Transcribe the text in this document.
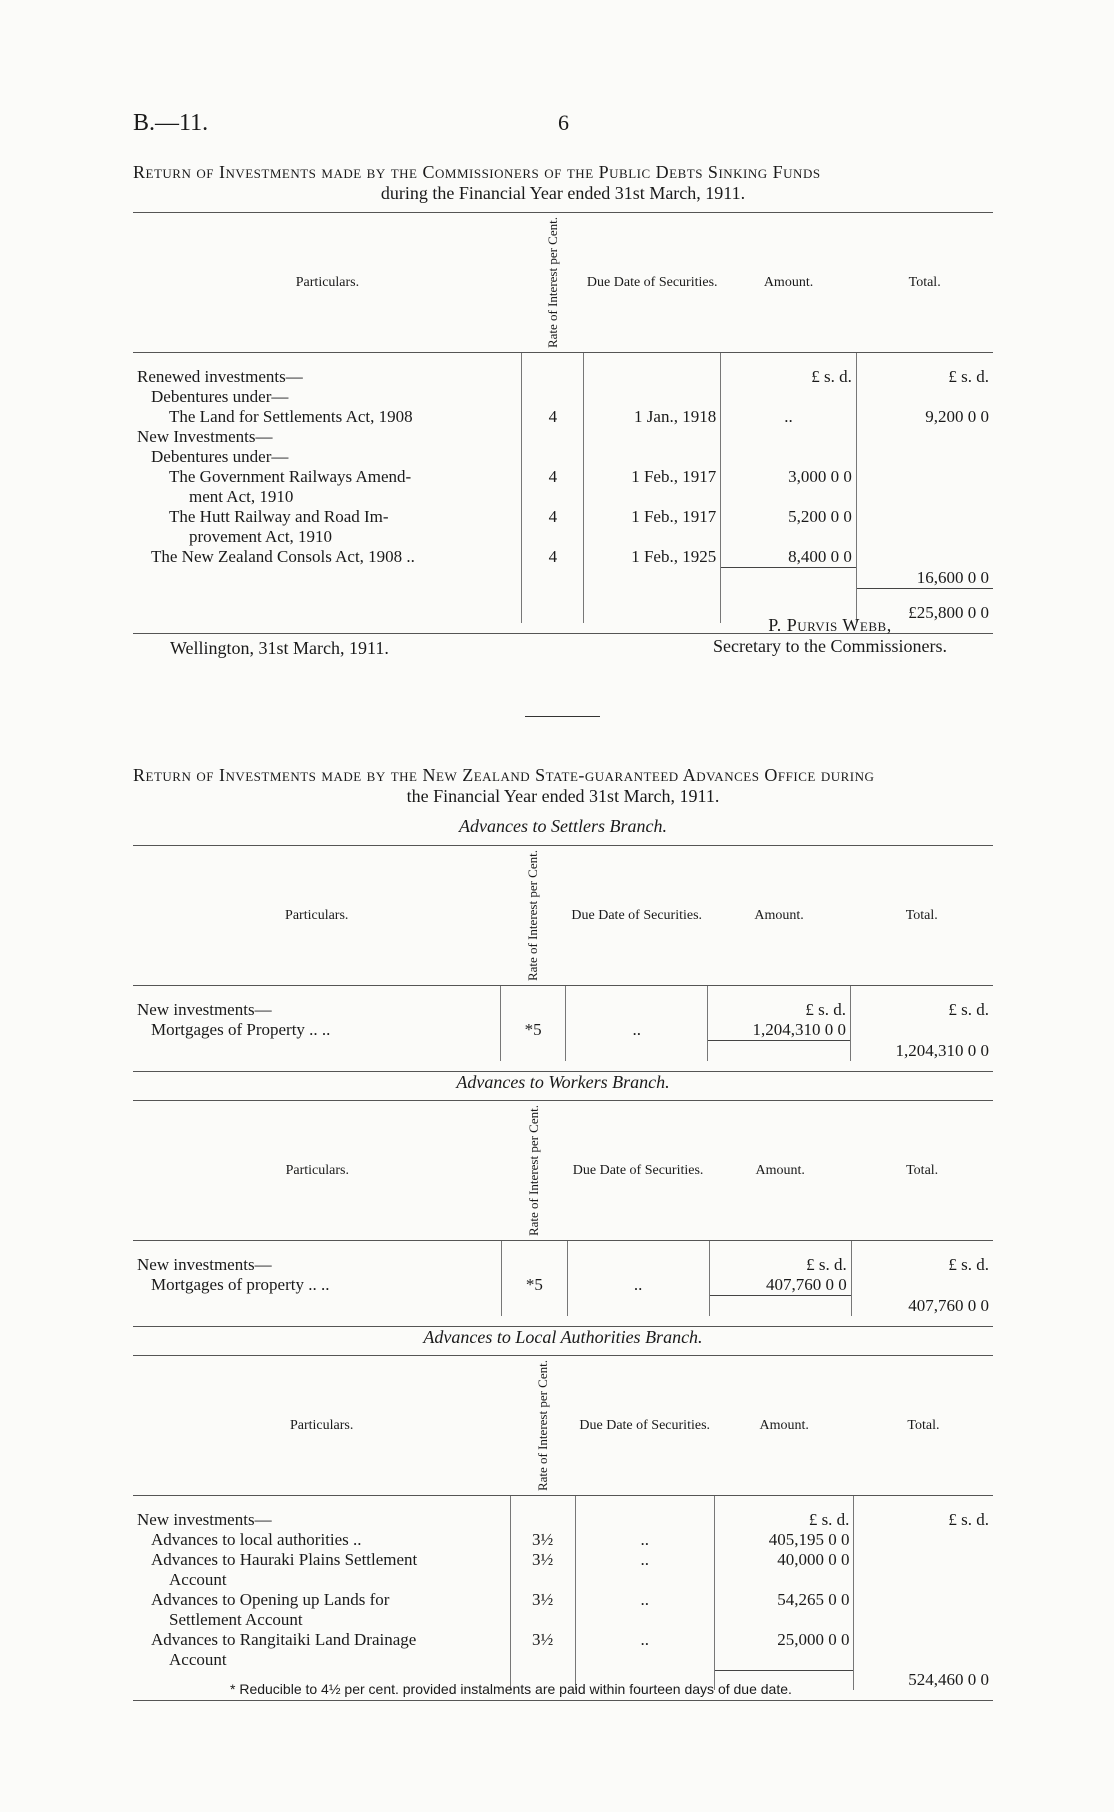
B.—11.	6
Return of Investments made by the Commissioners of the Public Debts Sinking Funds
during the Financial Year ended 31st March, 1911.
Particulars.	Rate of Interest per Cent.	Due Date of Securities.	Amount.	Total.

Renewed investments—			£ s. d.	£ s. d.
Debentures under—				
The Land for Settlements Act, 1908	4	1 Jan., 1918	..	9,200 0 0
New Investments—				
Debentures under—				
The Government Railways Amend-	4	1 Feb., 1917	3,000 0 0	
ment Act, 1910				
The Hutt Railway and Road Im-	4	1 Feb., 1917	5,200 0 0	
provement Act, 1910				
The New Zealand Consols Act, 1908 ..	4	1 Feb., 1925	8,400 0 0	
				16,600 0 0

				£25,800 0 0

Wellington, 31st March, 1911.
P. Purvis Webb,
Secretary to the Commissioners.
Return of Investments made by the New Zealand State-guaranteed Advances Office during
the Financial Year ended 31st March, 1911.
Advances to Settlers Branch.
Particulars.	Rate of Interest per Cent.	Due Date of Securities.	Amount.	Total.

New investments—			£ s. d.	£ s. d.
Mortgages of Property .. ..	*5	..	1,204,310 0 0	
				1,204,310 0 0

Advances to Workers Branch.
Particulars.	Rate of Interest per Cent.	Due Date of Securities.	Amount.	Total.

New investments—			£ s. d.	£ s. d.
Mortgages of property .. ..	*5	..	407,760 0 0	
				407,760 0 0

Advances to Local Authorities Branch.
Particulars.	Rate of Interest per Cent.	Due Date of Securities.	Amount.	Total.

New investments—			£ s. d.	£ s. d.
Advances to local authorities ..	3½	..	405,195 0 0	
Advances to Hauraki Plains Settlement	3½	..	40,000 0 0	
Account				
Advances to Opening up Lands for	3½	..	54,265 0 0	
Settlement Account				
Advances to Rangitaiki Land Drainage	3½	..	25,000 0 0	
Account				
				524,460 0 0

* Reducible to 4½ per cent. provided instalments are paid within fourteen days of due date.
